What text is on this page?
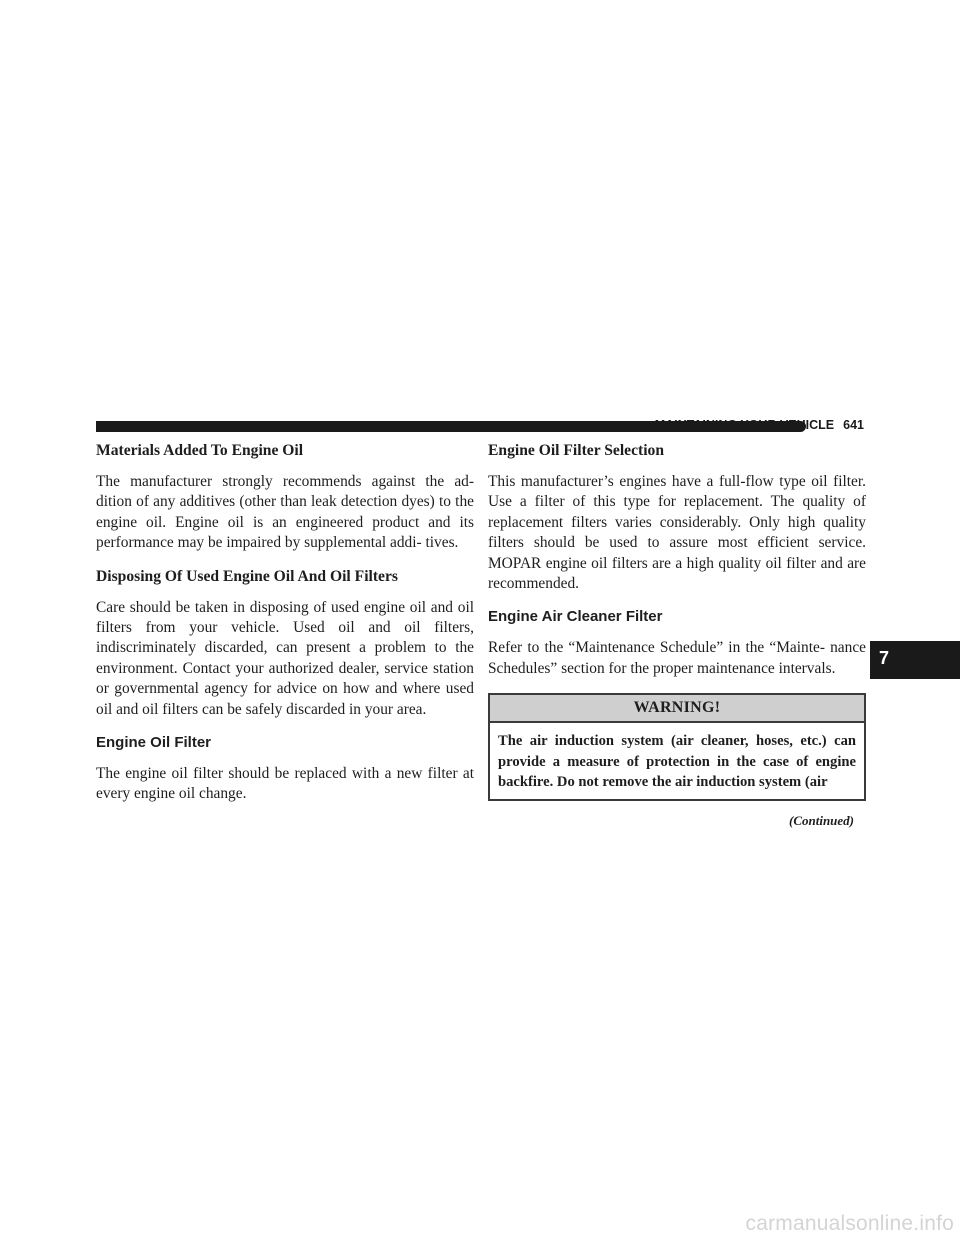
MAINTAINING YOUR VEHICLE 641
Materials Added To Engine Oil

The manufacturer strongly recommends against the ad- dition of any additives (other than leak detection dyes) to the engine oil. Engine oil is an engineered product and its performance may be impaired by supplemental addi- tives.

Disposing Of Used Engine Oil And Oil Filters

Care should be taken in disposing of used engine oil and oil filters from your vehicle. Used oil and oil filters, indiscriminately discarded, can present a problem to the environment. Contact your authorized dealer, service station or governmental agency for advice on how and where used oil and oil filters can be safely discarded in your area.

Engine Oil Filter

The engine oil filter should be replaced with a new filter at every engine oil change.

Engine Oil Filter Selection

This manufacturer’s engines have a full-flow type oil filter. Use a filter of this type for replacement. The quality of replacement filters varies considerably. Only high quality filters should be used to assure most efficient service. MOPAR engine oil filters are a high quality oil filter and are recommended.

Engine Air Cleaner Filter

Refer to the “Maintenance Schedule” in the “Mainte- nance Schedules” section for the proper maintenance intervals.

WARNING!
The air induction system (air cleaner, hoses, etc.) can provide a measure of protection in the case of engine backfire. Do not remove the air induction system (air
(Continued)
7
carmanualsonline.info
